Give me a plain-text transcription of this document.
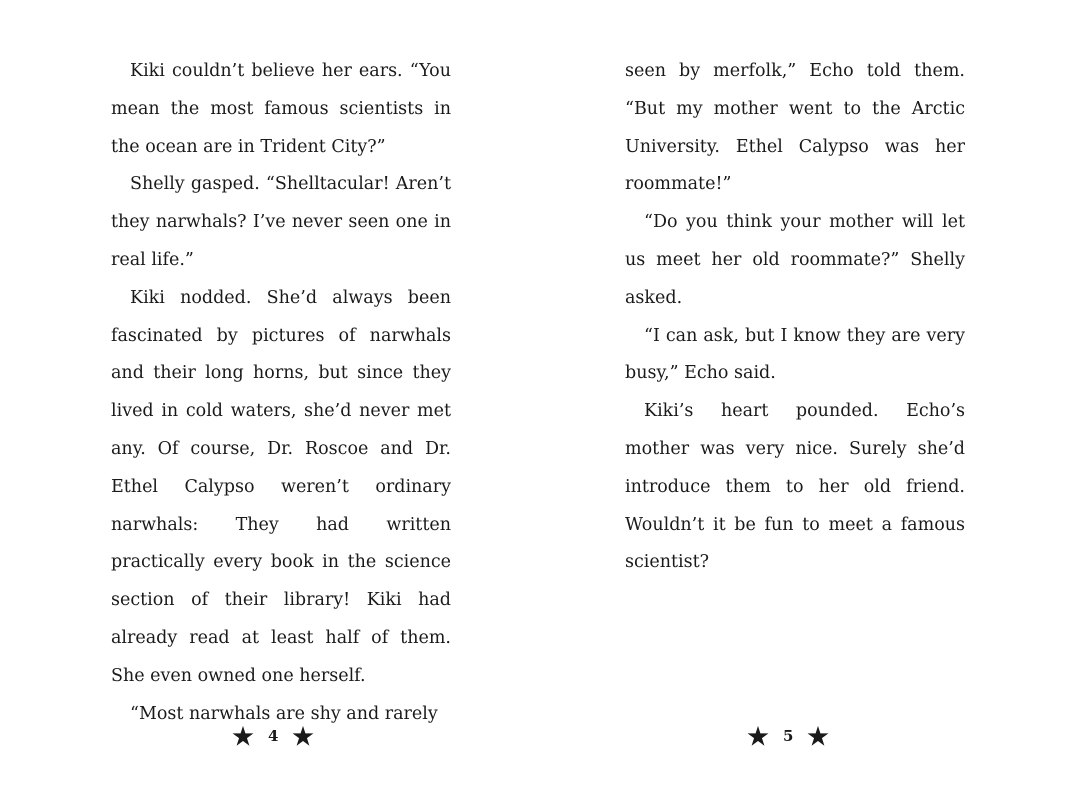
Kiki couldn’t believe her ears. “You mean the most famous scientists in the ocean are in Trident City?”

Shelly gasped. “Shelltacular! Aren’t they narwhals? I’ve never seen one in real life.”

Kiki nodded. She’d always been fascinated by pictures of narwhals and their long horns, but since they lived in cold waters, she’d never met any. Of course, Dr. Roscoe and Dr. Ethel Calypso weren’t ordinary narwhals: They had written practically every book in the science section of their library! Kiki had already read at least half of them. She even owned one herself.

“Most narwhals are shy and rarely

4

seen by merfolk,” Echo told them. “But my mother went to the Arctic University. Ethel Calypso was her roommate!”

“Do you think your mother will let us meet her old roommate?” Shelly asked.

“I can ask, but I know they are very busy,” Echo said.

Kiki’s heart pounded. Echo’s mother was very nice. Surely she’d introduce them to her old friend. Wouldn’t it be fun to meet a famous scientist?

5
